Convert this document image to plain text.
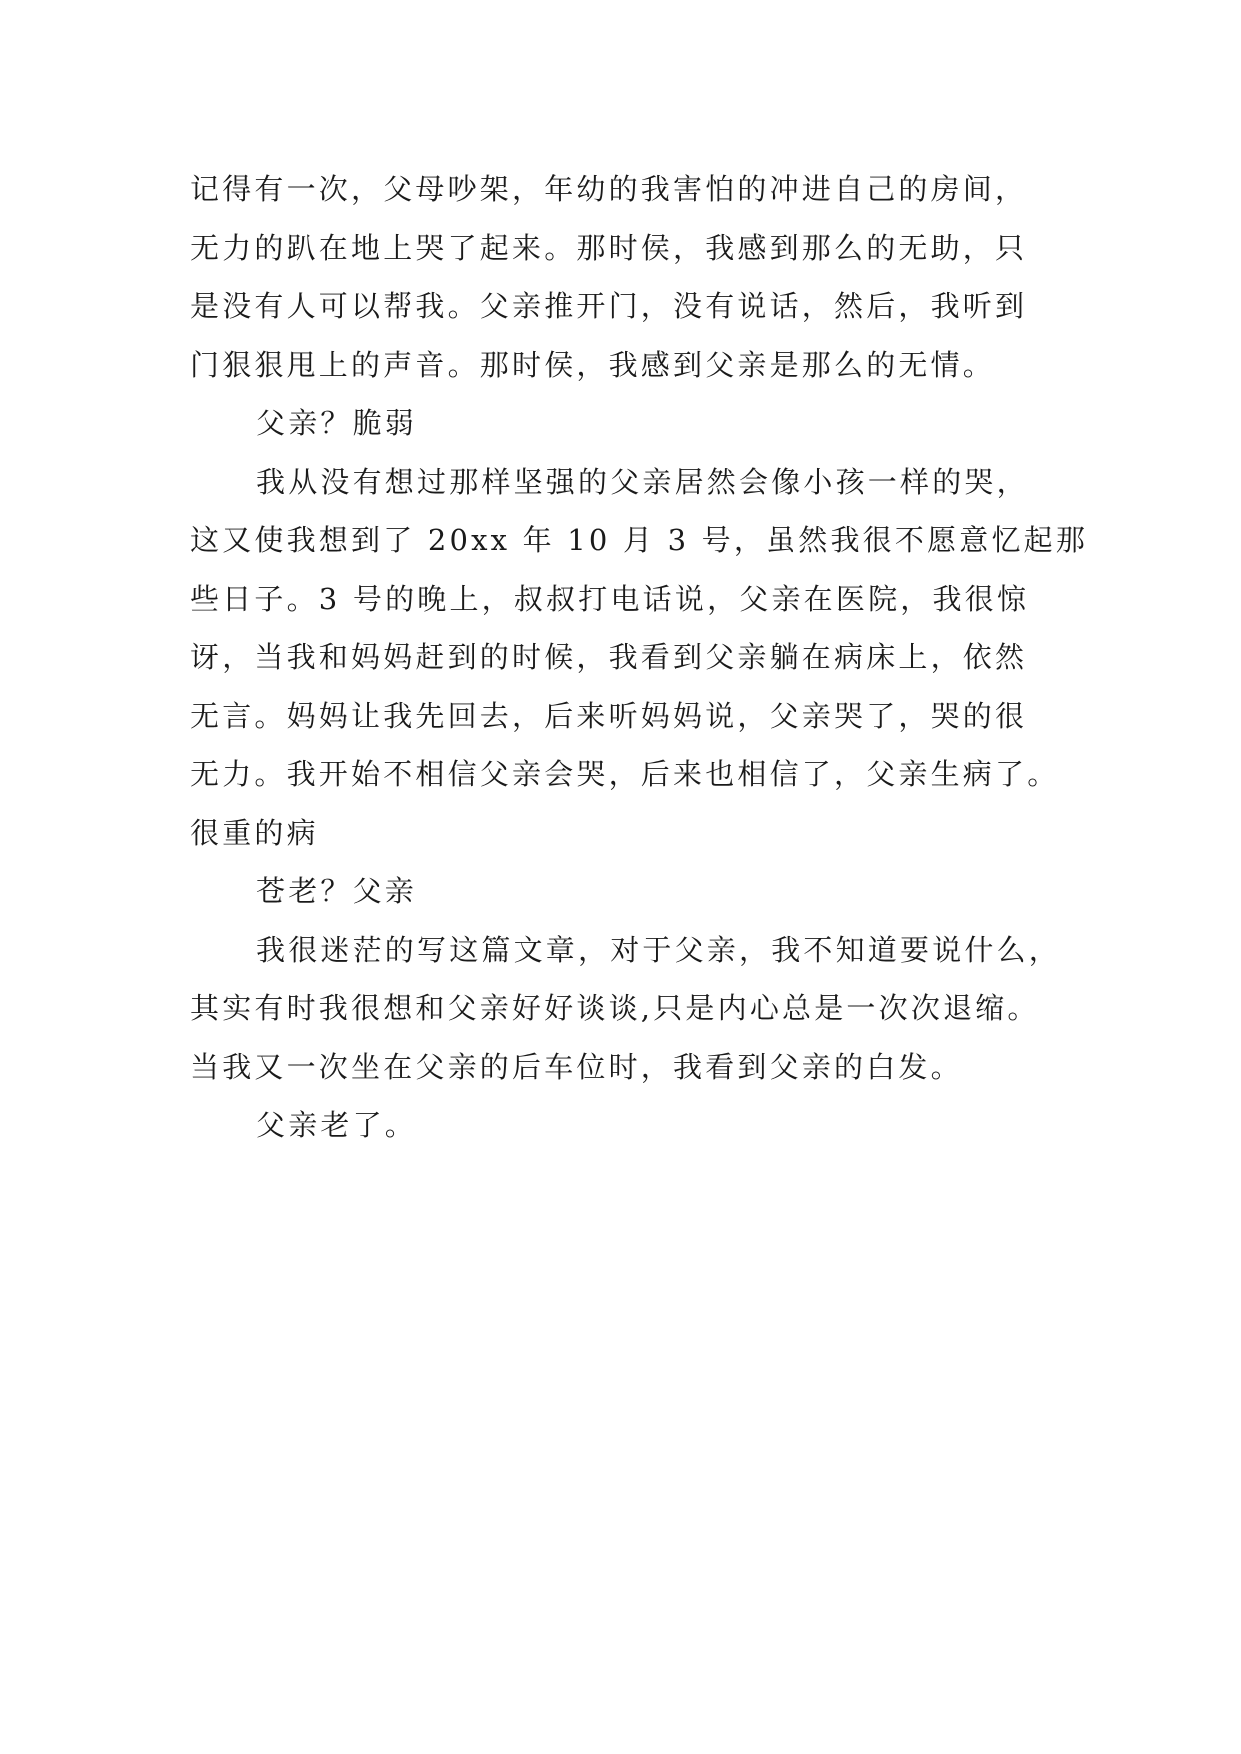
记得有一次，父母吵架，年幼的我害怕的冲进自己的房间，
无力的趴在地上哭了起来。那时侯，我感到那么的无助，只
是没有人可以帮我。父亲推开门，没有说话，然后，我听到
门狠狠甩上的声音。那时侯，我感到父亲是那么的无情。
父亲？脆弱
我从没有想过那样坚强的父亲居然会像小孩一样的哭，
这又使我想到了 20xx 年 10 月 3 号，虽然我很不愿意忆起那
些日子。3 号的晚上，叔叔打电话说，父亲在医院，我很惊
讶，当我和妈妈赶到的时候，我看到父亲躺在病床上，依然
无言。妈妈让我先回去，后来听妈妈说，父亲哭了，哭的很
无力。我开始不相信父亲会哭，后来也相信了，父亲生病了。
很重的病
苍老？父亲
我很迷茫的写这篇文章，对于父亲，我不知道要说什么，
其实有时我很想和父亲好好谈谈,只是内心总是一次次退缩。
当我又一次坐在父亲的后车位时，我看到父亲的白发。
父亲老了。
